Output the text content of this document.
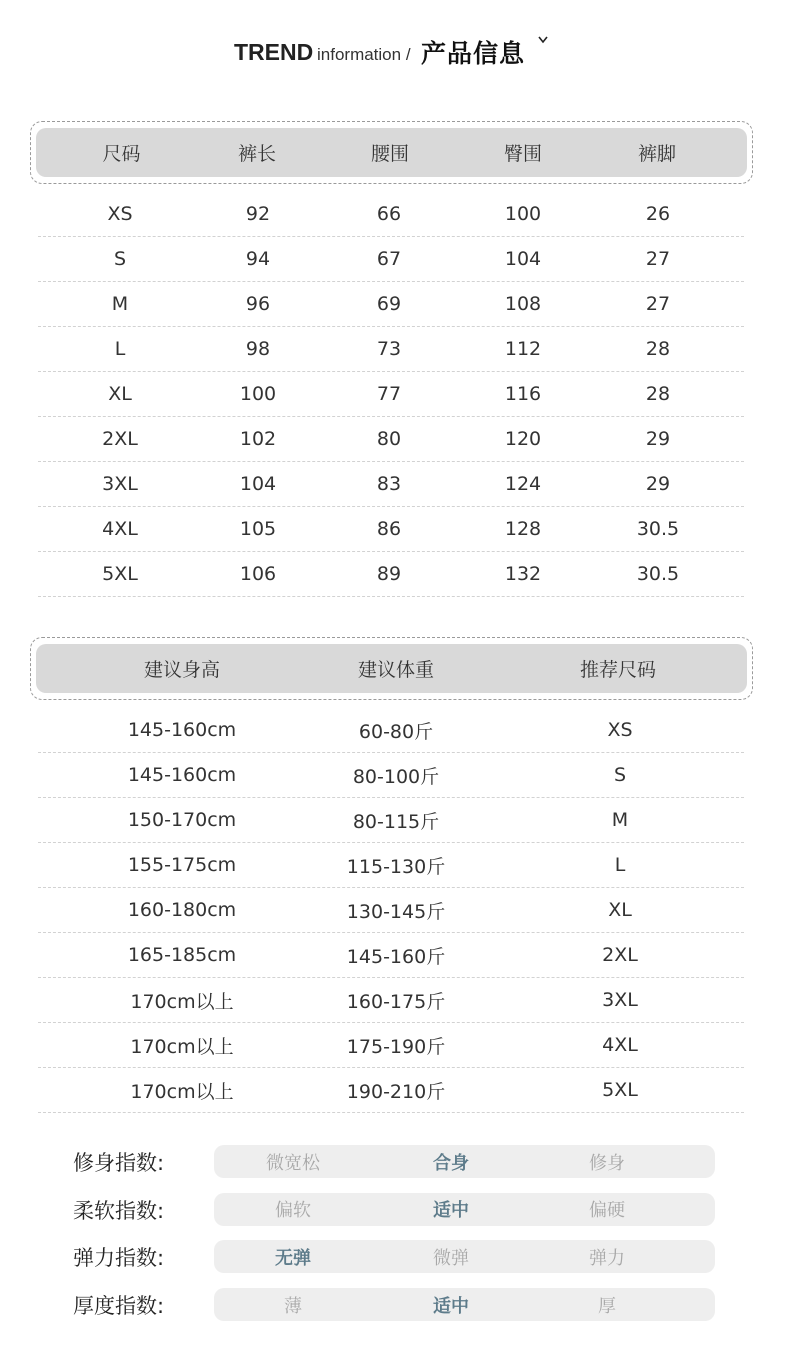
TREND information / 产品信息
尺码	裤长	腰围	臀围	裤脚
XS	92	66	100	26
S	94	67	104	27
M	96	69	108	27
L	98	73	112	28
XL	100	77	116	28
2XL	102	80	120	29
3XL	104	83	124	29
4XL	105	86	128	30.5
5XL	106	89	132	30.5
建议身高	建议体重	推荐尺码
145-160cm	60-80斤	XS
145-160cm	80-100斤	S
150-170cm	80-115斤	M
155-175cm	115-130斤	L
160-180cm	130-145斤	XL
165-185cm	145-160斤	2XL
170cm以上	160-175斤	3XL
170cm以上	175-190斤	4XL
170cm以上	190-210斤	5XL
修身指数:	微宽松	合身	修身
柔软指数:	偏软	适中	偏硬
弹力指数:	无弹	微弹	弹力
厚度指数:	薄	适中	厚
